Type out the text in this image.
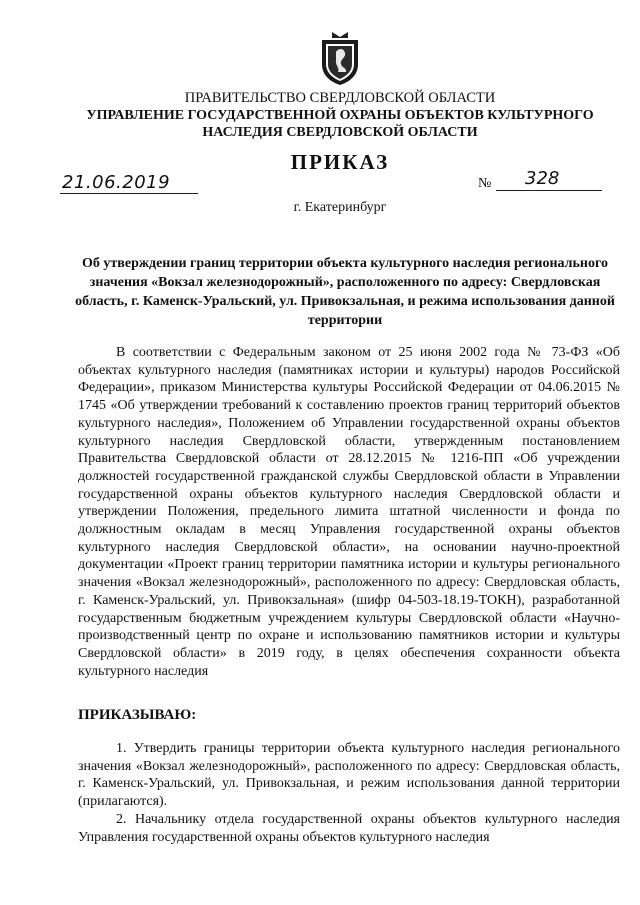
ПРАВИТЕЛЬСТВО СВЕРДЛОВСКОЙ ОБЛАСТИ
УПРАВЛЕНИЕ ГОСУДАРСТВЕННОЙ ОХРАНЫ ОБЪЕКТОВ КУЛЬТУРНОГО НАСЛЕДИЯ СВЕРДЛОВСКОЙ ОБЛАСТИ
ПРИКАЗ
21.06.2019	№ 328
г. Екатеринбург
Об утверждении границ территории объекта культурного наследия регионального значения «Вокзал железнодорожный», расположенного по адресу: Свердловская область, г. Каменск-Уральский, ул. Привокзальная, и режима использования данной территории

В соответствии с Федеральным законом от 25 июня 2002 года № 73-ФЗ «Об объектах культурного наследия (памятниках истории и культуры) народов Российской Федерации», приказом Министерства культуры Российской Федерации от 04.06.2015 № 1745 «Об утверждении требований к составлению проектов границ территорий объектов культурного наследия», Положением об Управлении государственной охраны объектов культурного наследия Свердловской области, утвержденным постановлением Правительства Свердловской области от 28.12.2015 № 1216-ПП «Об учреждении должностей государственной гражданской службы Свердловской области в Управлении государственной охраны объектов культурного наследия Свердловской области и утверждении Положения, предельного лимита штатной численности и фонда по должностным окладам в месяц Управления государственной охраны объектов культурного наследия Свердловской области», на основании научно-проектной документации «Проект границ территории памятника истории и культуры регионального значения «Вокзал железнодорожный», расположенного по адресу: Свердловская область, г. Каменск-Уральский, ул. Привокзальная» (шифр 04-503-18.19-ТОКН), разработанной государственным бюджетным учреждением культуры Свердловской области «Научно-производственный центр по охране и использованию памятников истории и культуры Свердловской области» в 2019 году, в целях обеспечения сохранности объекта культурного наследия

ПРИКАЗЫВАЮ:

1. Утвердить границы территории объекта культурного наследия регионального значения «Вокзал железнодорожный», расположенного по адресу: Свердловская область, г. Каменск-Уральский, ул. Привокзальная, и режим использования данной территории (прилагаются).

2. Начальнику отдела государственной охраны объектов культурного наследия Управления государственной охраны объектов культурного наследия
